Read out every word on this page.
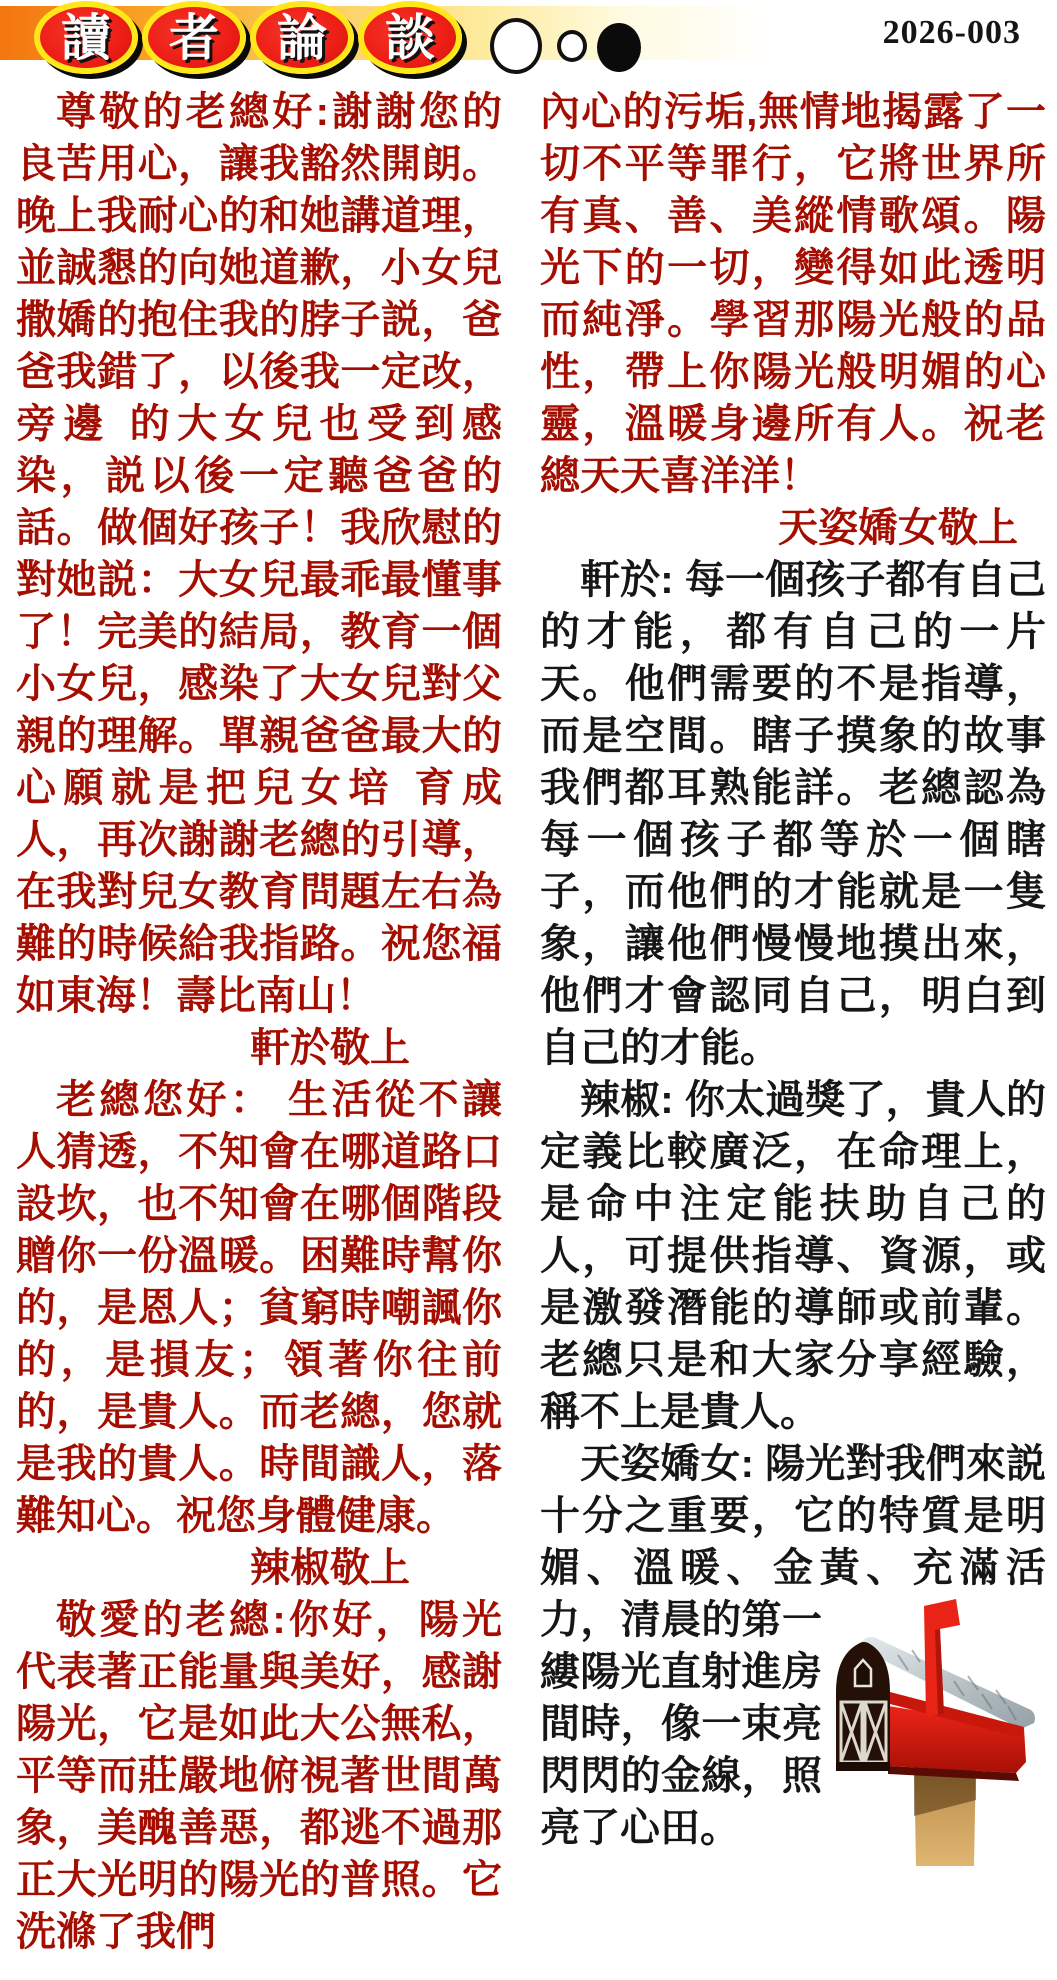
讀 者 論 談	2026-003

尊敬的老總好:謝謝您的良苦用心，讓我豁然開朗。晚上我耐心的和她講道理，並誠懇的向她道歉，小女兒撒嬌的抱住我的脖子説，爸爸我錯了，以後我一定改，旁邊 的大女兒也受到感染，説以後一定聽爸爸的話。做個好孩子！我欣慰的對她説：大女兒最乖最懂事了！完美的結局，教育一個小女兒，感染了大女兒對父親的理解。單親爸爸最大的心願就是把兒女培 育成人，再次謝謝老總的引導，在我對兒女教育問題左右為難的時候給我指路。祝您福如東海！壽比南山！

軒於敬上

老總您好： 生活從不讓人猜透，不知會在哪道路口設坎，也不知會在哪個階段贈你一份溫暖。困難時幫你的，是恩人；貧窮時嘲諷你的，是損友；領著你往前的，是貴人。而老總，您就是我的貴人。時間識人，落難知心。祝您身體健康。

辣椒敬上

敬愛的老總:你好，陽光代表著正能量與美好，感謝陽光，它是如此大公無私，平等而莊嚴地俯視著世間萬象，美醜善惡，都逃不過那正大光明的陽光的普照。它洗滌了我們

內心的污垢,無情地揭露了一切不平等罪行，它將世界所有真、善、美縱情歌頌。陽光下的一切，變得如此透明而純淨。學習那陽光般的品性，帶上你陽光般明媚的心靈，溫暖身邊所有人。祝老總天天喜洋洋！

天姿嬌女敬上

軒於: 每一個孩子都有自己的才能，都有自己的一片天。他們需要的不是指導，而是空間。瞎子摸象的故事我們都耳熟能詳。老總認為每一個孩子都等於一個瞎子，而他們的才能就是一隻象，讓他們慢慢地摸出來，他們才會認同自己，明白到自己的才能。

辣椒: 你太過獎了，貴人的定義比較廣泛，在命理上，是命中注定能扶助自己的人，可提供指導、資源，或是激發潛能的導師或前輩。老總只是和大家分享經驗，稱不上是貴人。

天姿嬌女: 陽光對我們來説十分之重要，它的特質是明媚、溫暖、金黃、充滿活力，清
晨的第一縷陽光直射進房間時，像一束亮閃閃的金線，照亮了心田。
